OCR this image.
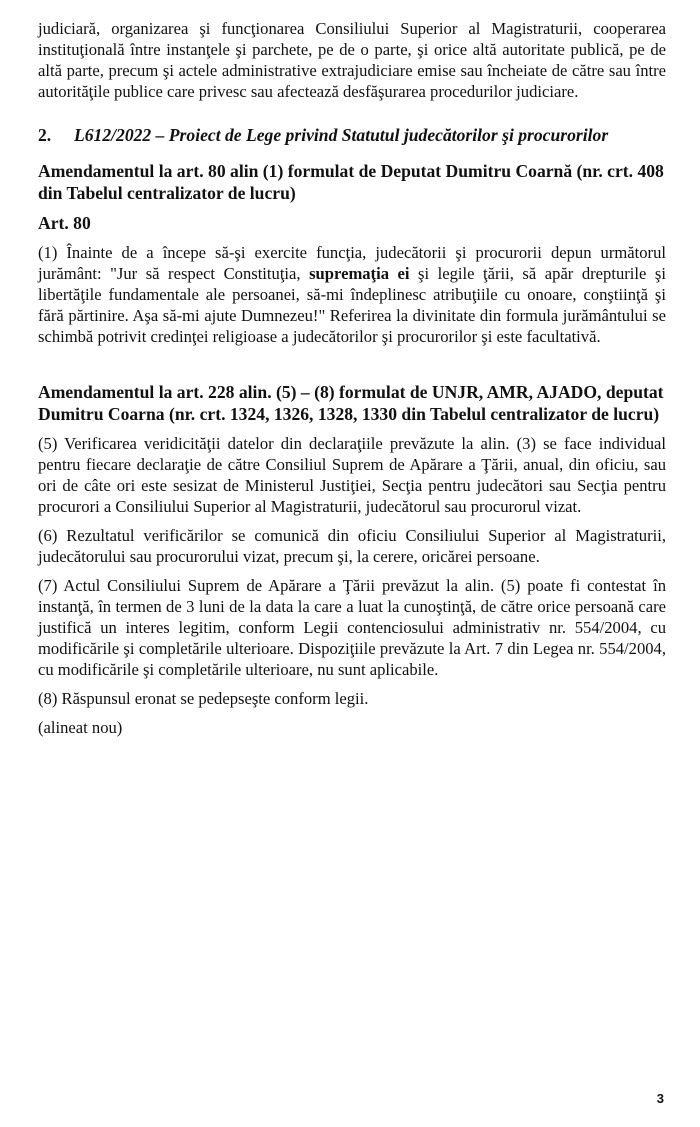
judiciară, organizarea şi funcţionarea Consiliului Superior al Magistraturii, cooperarea instituţională între instanţele şi parchete, pe de o parte, şi orice altă autoritate publică, pe de altă parte, precum şi actele administrative extrajudiciare emise sau încheiate de către sau între autorităţile publice care privesc sau afectează desfăşurarea procedurilor judiciare.

2.	L612/2022 – Proiect de Lege privind Statutul judecătorilor şi procurorilor

Amendamentul la art. 80 alin (1) formulat de Deputat Dumitru Coarnă (nr. crt. 408 din Tabelul centralizator de lucru)

Art. 80

(1) Înainte de a începe să-şi exercite funcţia, judecătorii şi procurorii depun următorul jurământ: "Jur să respect Constituţia, supremaţia ei şi legile ţării, să apăr drepturile şi libertăţile fundamentale ale persoanei, să-mi îndeplinesc atribuţiile cu onoare, conştiinţă şi fără părtinire. Aşa să-mi ajute Dumnezeu!" Referirea la divinitate din formula jurământului se schimbă potrivit credinţei religioase a judecătorilor şi procurorilor şi este facultativă.

Amendamentul la art. 228 alin. (5) – (8) formulat de UNJR, AMR, AJADO, deputat Dumitru Coarna (nr. crt. 1324, 1326, 1328, 1330 din Tabelul centralizator de lucru)

(5) Verificarea veridicităţii datelor din declaraţiile prevăzute la alin. (3) se face individual pentru fiecare declaraţie de către Consiliul Suprem de Apărare a Ţării, anual, din oficiu, sau ori de câte ori este sesizat de Ministerul Justiţiei, Secţia pentru judecători sau Secţia pentru procurori a Consiliului Superior al Magistraturii, judecătorul sau procurorul vizat.

(6) Rezultatul verificărilor se comunică din oficiu Consiliului Superior al Magistraturii, judecătorului sau procurorului vizat, precum şi, la cerere, oricărei persoane.

(7) Actul Consiliului Suprem de Apărare a Ţării prevăzut la alin. (5) poate fi contestat în instanţă, în termen de 3 luni de la data la care a luat la cunoştinţă, de către orice persoană care justifică un interes legitim, conform Legii contenciosului administrativ nr. 554/2004, cu modificările şi completările ulterioare. Dispoziţiile prevăzute la Art. 7 din Legea nr. 554/2004, cu modificările şi completările ulterioare, nu sunt aplicabile.

(8) Răspunsul eronat se pedepseşte conform legii.

(alineat nou)

3
